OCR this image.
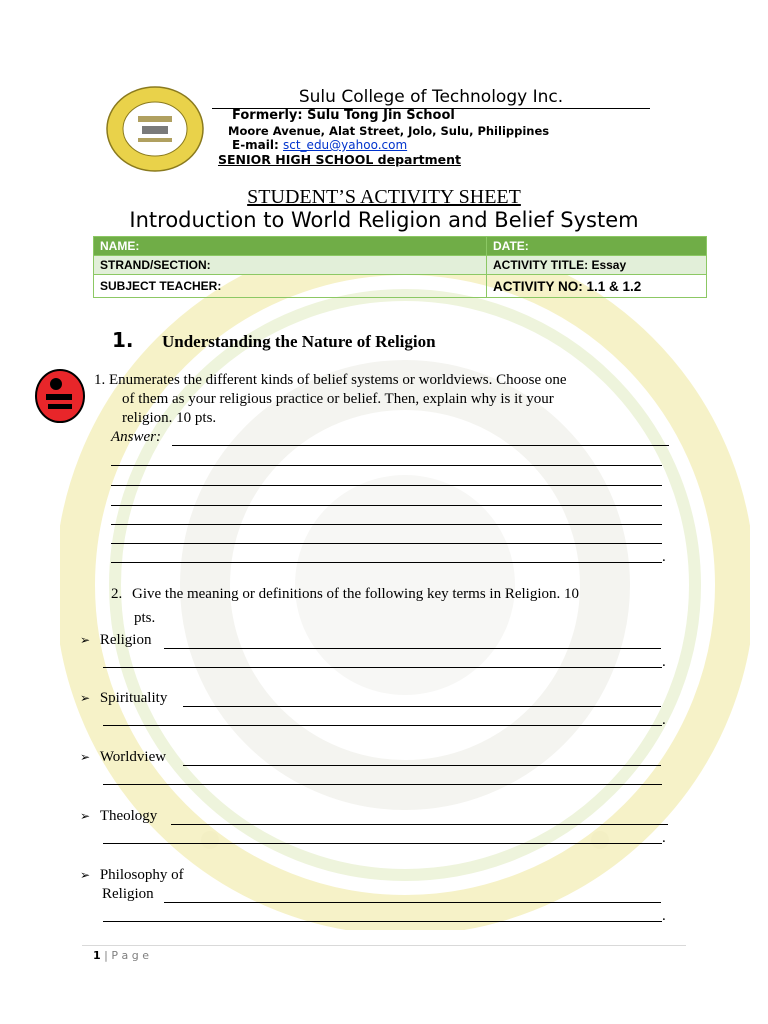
Sulu College of Technology Inc.
Formerly: Sulu Tong Jin School
Moore Avenue, Alat Street, Jolo, Sulu, Philippines
E-mail: sct_edu@yahoo.com
SENIOR HIGH SCHOOL department
STUDENT’S ACTIVITY SHEET
Introduction to World Religion and Belief System
NAME:	DATE:
STRAND/SECTION:	ACTIVITY TITLE: Essay
SUBJECT TEACHER:	ACTIVITY NO: 1.1 & 1.2
1. Understanding the Nature of Religion
1. Enumerates the different kinds of belief systems or worldviews. Choose one
of them as your religious practice or belief. Then, explain why is it your
religion. 10 pts.
Answer:
.
2. Give the meaning or definitions of the following key terms in Religion. 10
pts.
➢ Religion
.
➢ Spirituality
.
➢ Worldview
➢ Theology
.
➢ Philosophy of
Religion
.
1 | P a g e
